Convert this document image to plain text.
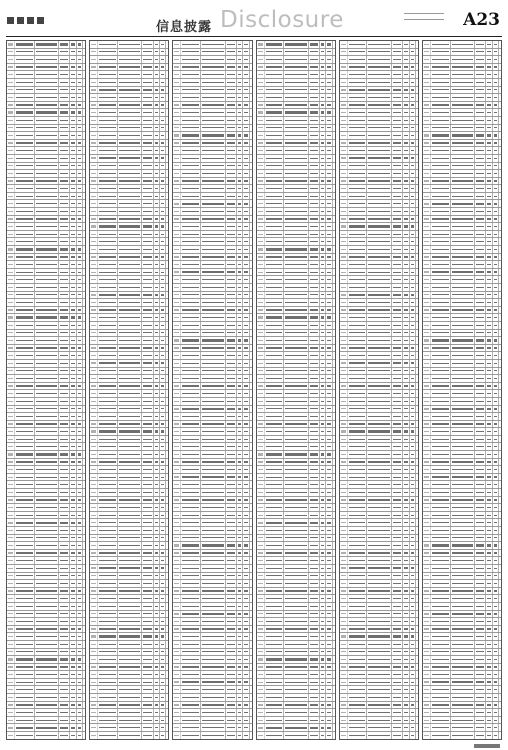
信息披露 Disclosure	A23
